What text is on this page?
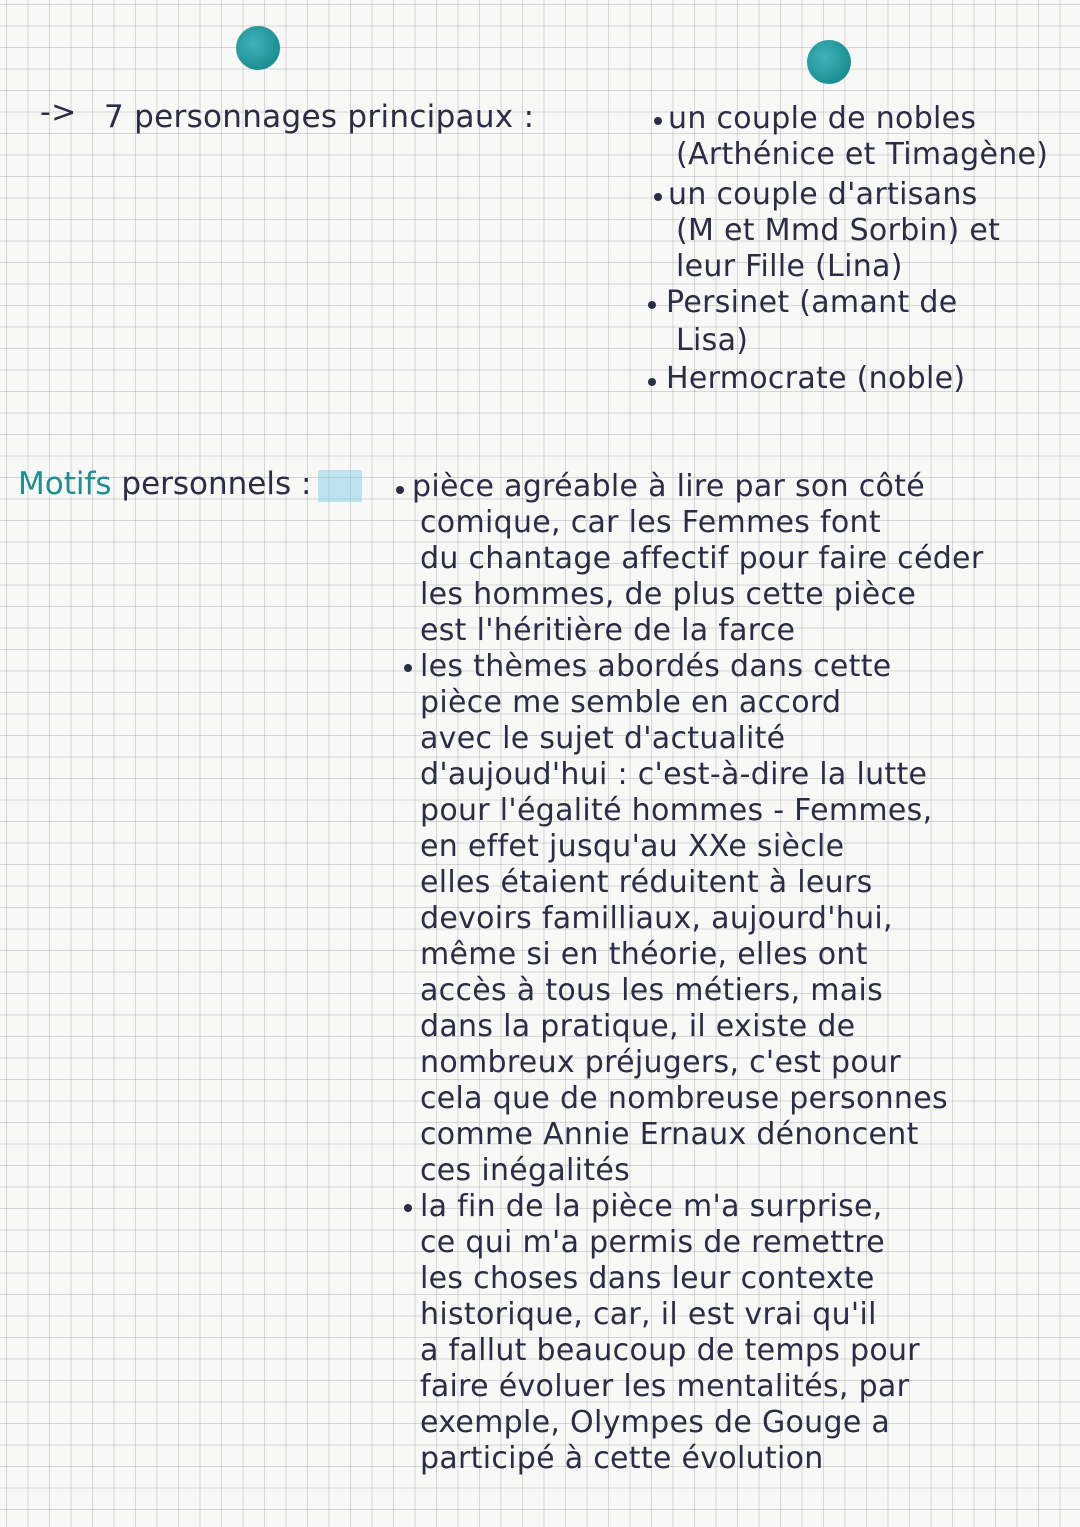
-> 7 personnages principaux :	un couple de nobles
(Arthénice et Timagène)
un couple d'artisans
(M et Mmd Sorbin) et
leur Fille (Lina)
Persinet (amant de
Lisa)
Hermocrate (noble)
Motifs personnels :	pièce agréable à lire par son côté
comique, car les Femmes font
du chantage affectif pour faire céder
les hommes, de plus cette pièce
est l'héritière de la farce
les thèmes abordés dans cette
pièce me semble en accord
avec le sujet d'actualité
d'aujoud'hui : c'est-à-dire la lutte
pour l'égalité hommes - Femmes,
en effet jusqu'au XXe siècle
elles étaient réduitent à leurs
devoirs familliaux, aujourd'hui,
même si en théorie, elles ont
accès à tous les métiers, mais
dans la pratique, il existe de
nombreux préjugers, c'est pour
cela que de nombreuse personnes
comme Annie Ernaux dénoncent
ces inégalités
la fin de la pièce m'a surprise,
ce qui m'a permis de remettre
les choses dans leur contexte
historique, car, il est vrai qu'il
a fallut beaucoup de temps pour
faire évoluer les mentalités, par
exemple, Olympes de Gouge a
participé à cette évolution
